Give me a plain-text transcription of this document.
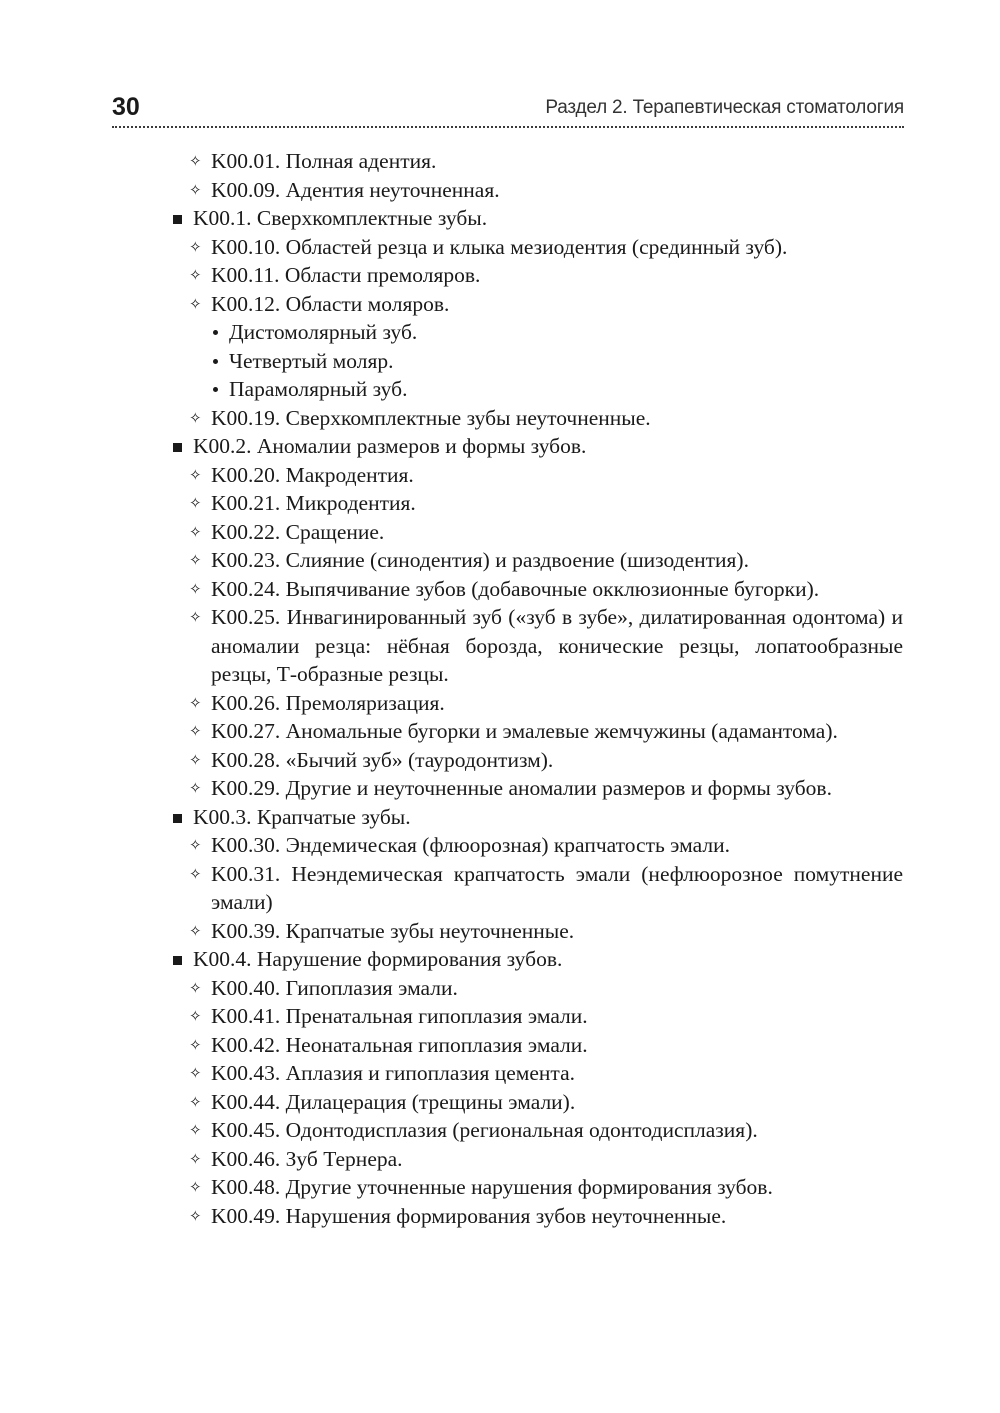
30	Раздел 2. Терапевтическая стоматология
✧ K00.01. Полная адентия.
✧ K00.09. Адентия неуточненная.
K00.1. Сверхкомплектные зубы.
✧ K00.10. Областей резца и клыка мезиодентия (срединный зуб).
✧ K00.11. Области премоляров.
✧ K00.12. Области моляров.
Дистомолярный зуб.
Четвертый моляр.
Парамолярный зуб.
✧ K00.19. Сверхкомплектные зубы неуточненные.
K00.2. Аномалии размеров и формы зубов.
✧ K00.20. Макродентия.
✧ K00.21. Микродентия.
✧ K00.22. Сращение.
✧ K00.23. Слияние (синодентия) и раздвоение (шизодентия).
✧ K00.24. Выпячивание зубов (добавочные окклюзионные бугорки).
✧ K00.25. Инвагинированный зуб («зуб в зубе», дилатированная одонтома) и аномалии резца: нёбная борозда, конические резцы, лопатообразные резцы, Т-образные резцы.
✧ K00.26. Премоляризация.
✧ K00.27. Аномальные бугорки и эмалевые жемчужины (адамантома).
✧ K00.28. «Бычий зуб» (тауродонтизм).
✧ K00.29. Другие и неуточненные аномалии размеров и формы зубов.
K00.3. Крапчатые зубы.
✧ K00.30. Эндемическая (флюорозная) крапчатость эмали.
✧ K00.31. Неэндемическая крапчатость эмали (нефлюорозное помутнение эмали)
✧ K00.39. Крапчатые зубы неуточненные.
K00.4. Нарушение формирования зубов.
✧ K00.40. Гипоплазия эмали.
✧ K00.41. Пренатальная гипоплазия эмали.
✧ K00.42. Неонатальная гипоплазия эмали.
✧ K00.43. Аплазия и гипоплазия цемента.
✧ K00.44. Дилацерация (трещины эмали).
✧ K00.45. Одонтодисплазия (региональная одонтодисплазия).
✧ K00.46. Зуб Тернера.
✧ K00.48. Другие уточненные нарушения формирования зубов.
✧ K00.49. Нарушения формирования зубов неуточненные.
